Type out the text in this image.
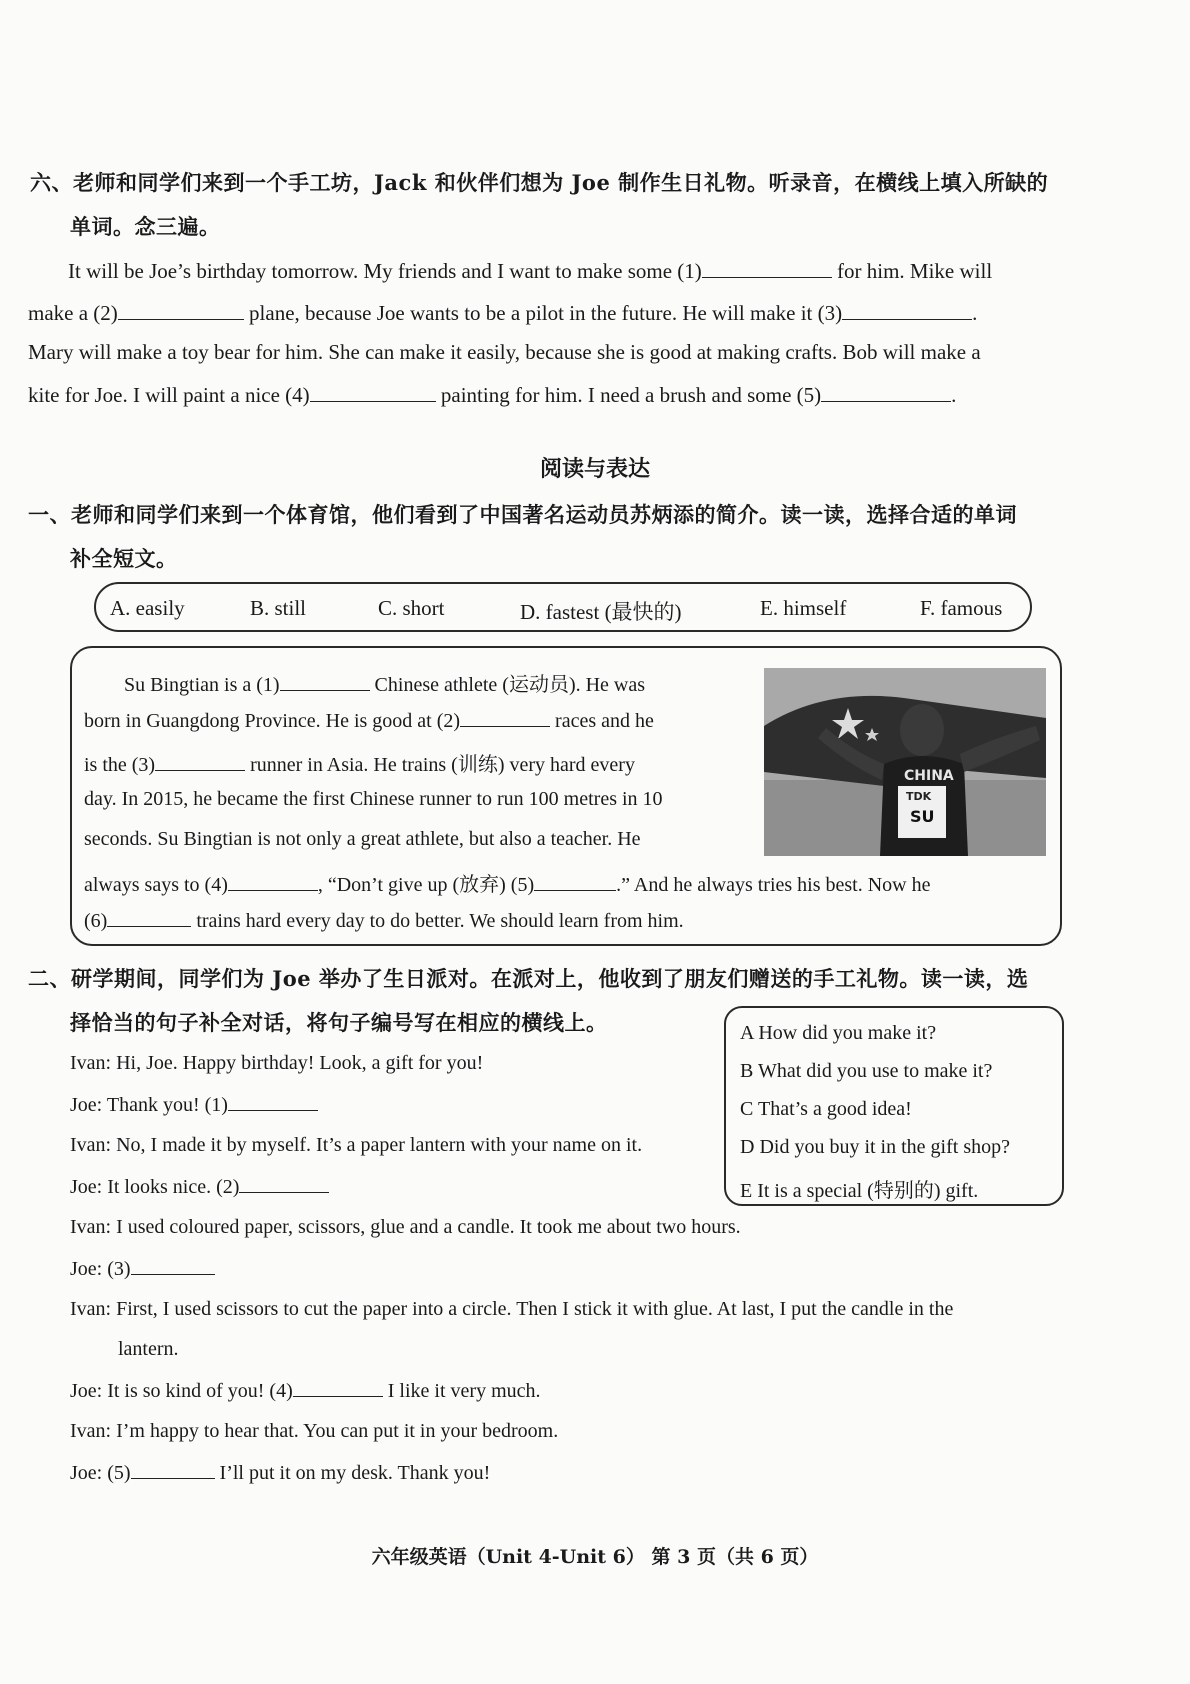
六、老师和同学们来到一个手工坊，Jack 和伙伴们想为 Joe 制作生日礼物。听录音，在横线上填入所缺的
单词。念三遍。
It will be Joe’s birthday tomorrow. My friends and I want to make some (1)	for him. Mike will
make a (2)	plane, because Joe wants to be a pilot in the future. He will make it (3)	.
Mary will make a toy bear for him. She can make it easily, because she is good at making crafts. Bob will make a
kite for Joe. I will paint a nice (4)	painting for him. I need a brush and some (5)	.
阅读与表达
一、老师和同学们来到一个体育馆，他们看到了中国著名运动员苏炳添的简介。读一读，选择合适的单词
补全短文。
A. easily	B. still	C. short	D. fastest (最快的)	E. himself	F. famous
Su Bingtian is a (1)	Chinese athlete (运动员). He was
born in Guangdong Province. He is good at (2)	races and he
is the (3)	runner in Asia. He trains (训练) very hard every
day. In 2015, he became the first Chinese runner to run 100 metres in 10
seconds. Su Bingtian is not only a great athlete, but also a teacher. He
always says to (4)	, “Don’t give up (放弃) (5)	.” And he always tries his best. Now he
(6)	trains hard every day to do better. We should learn from him.
CHINA
TDK
SU
二、研学期间，同学们为 Joe 举办了生日派对。在派对上，他收到了朋友们赠送的手工礼物。读一读，选
择恰当的句子补全对话，将句子编号写在相应的横线上。	A How did you make it?
B What did you use to make it?
C That’s a good idea!
D Did you buy it in the gift shop?
E It is a special (特别的) gift.
Ivan: Hi, Joe. Happy birthday! Look, a gift for you!
Joe: Thank you! (1)
Ivan: No, I made it by myself. It’s a paper lantern with your name on it.
Joe: It looks nice. (2)
Ivan: I used coloured paper, scissors, glue and a candle. It took me about two hours.
Joe: (3)
Ivan: First, I used scissors to cut the paper into a circle. Then I stick it with glue. At last, I put the candle in the
lantern.
Joe: It is so kind of you! (4)	I like it very much.
Ivan: I’m happy to hear that. You can put it in your bedroom.
Joe: (5)	I’ll put it on my desk. Thank you!
六年级英语（Unit 4-Unit 6） 第 3 页（共 6 页）
